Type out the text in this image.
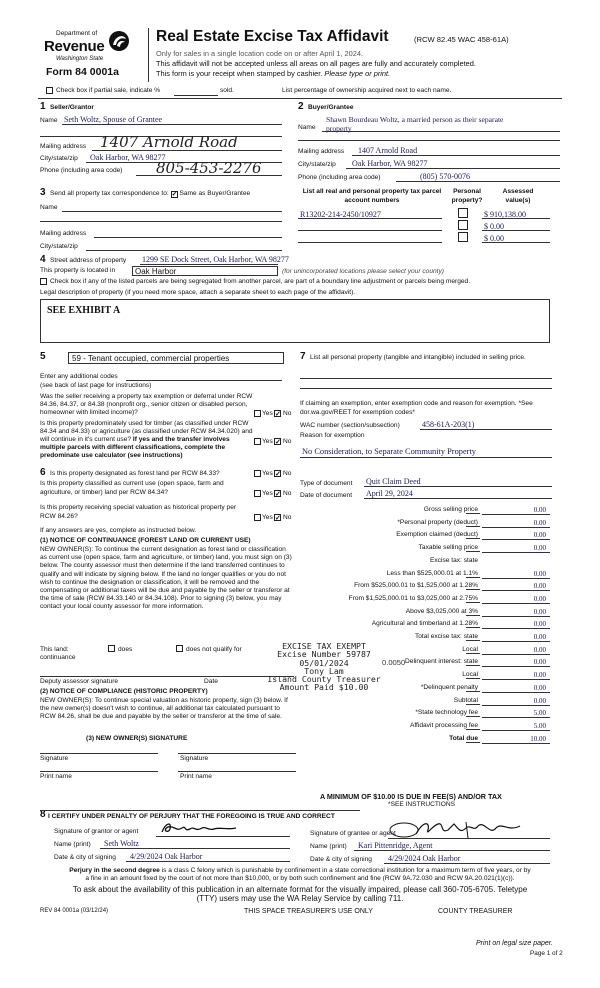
Department of
Revenue
Washington State
Form 84 0001a
Real Estate Excise Tax Affidavit	(RCW 82.45 WAC 458-61A)
Only for sales in a single location code on or after April 1, 2024.
This affidavit will not be accepted unless all areas on all pages are fully and accurately completed.
This form is your receipt when stamped by cashier. Please type or print.
Check box if partial sale, indicate %	sold.	List percentage of ownership acquired next to each name.
1 Seller/Grantor
Name Seth Woltz, Spouse of Grantee
Mailing address 1407 Arnold Road
City/state/zip Oak Harbor, WA 98277
Phone (including area code) 805-453-2276
2 Buyer/Grantee
Shawn Bourdeau Woltz, a married person as their separate
Name property
Mailing address 1407 Arnold Road
City/state/zip Oak Harbor, WA 98277
Phone (including area code)	(805) 570-0076
3 Send all property tax correspondence to: ✓ Same as Buyer/Grantee
Name
Mailing address
City/state/zip
List all real and personal property tax parcel account numbers
Personal property?
Assessed value(s)
R13202-214-2450/10927	$ 910,138.00
$ 0.00
$ 0.00
4 Street address of property 1299 SE Dock Street, Oak Harbor, WA 98277
This property is located in	Oak Harbor	(for unincorporated locations please select your county)
Check box if any of the listed parcels are being segregated from another parcel, are part of a boundary line adjustment or parcels being merged.
Legal description of property (if you need more space, attach a separate sheet to each page of the affidavit).
SEE EXHIBIT A
5	59 - Tenant occupied, commercial properties
Enter any additional codes
(see back of last page for instructions)
Was the seller receiving a property tax exemption or deferral under RCW 84.36, 84.37, or 84.38 (nonprofit org., senior citizen or disabled person, homeowner with limited income)?	Yes ✓ No
Is this property predominately used for timber (as classified under RCW 84.34 and 84.33) or agriculture (as classified under RCW 84.34.020) and will continue in it's current use? If yes and the transfer involves multiple parcels with different classifications, complete the predominate use calculator (see instructions)
Yes ✓ No
7 List all personal property (tangible and intangible) included in selling price.
If claiming an exemption, enter exemption code and reason for exemption. *See dor.wa.gov/REET for exemption codes*
WAC number (section/subsection)	458-61A-203(1)
Reason for exemption
No Consideration, to Separate Community Property
6 Is this property designated as forest land per RCW 84.33?	Yes ✓ No
Is this property classified as current use (open space, farm and agriculture, or timber) land per RCW 84.34?	Yes ✓ No
Is this property receiving special valuation as historical property per RCW 84.26?	Yes ✓ No
If any answers are yes, complete as instructed below.
(1) NOTICE OF CONTINUANCE (FOREST LAND OR CURRENT USE)
NEW OWNER(S): To continue the current designation as forest land or classification as current use (open space, farm and agriculture, or timber) land, you must sign on (3) below. The county assessor must then determine if the land transferred continues to qualify and will indicate by signing below. If the land no longer qualifies or you do not wish to continue the designation or classification, it will be removed and the compensating or additional taxes will be due and payable by the seller or transferor at the time of sale (RCW 84.33.140 or 84.34.108). Prior to signing (3) below, you may contact your local county assessor for more information.
This land:	does	does not qualify for
continuance
Deputy assessor signature	Date
(2) NOTICE OF COMPLIANCE (HISTORIC PROPERTY)
NEW OWNER(S): To continue special valuation as historic property, sign (3) below. If the new owner(s) doesn't wish to continue, all additional tax calculated pursuant to RCW 84.26, shall be due and payable by the seller or transferor at the time of sale.
(3) NEW OWNER(S) SIGNATURE
Signature	Signature
Print name	Print name
Type of document Quit Claim Deed
Date of document April 29, 2024
Gross selling price	0.00
*Personal property (deduct)	0.00
Exemption claimed (deduct)	0.00
Taxable selling price	0.00
Excise tax: state
Less than $525,000.01 at 1.1%	0.00
From $525,000.01 to $1,525,000 at 1.28%	0.00
From $1,525,000.01 to $3,025,000 at 2.75%	0.00
Above $3,025,000 at 3%	0.00
Agricultural and timberland at 1.28%	0.00
Total excise tax: state	0.00
Local	0.00
Delinquent interest: state	0.00
Local	0.00
*Delinquent penalty	0.00
Subtotal	0.00
*State technology fee	5.00
Affidavit processing fee	5.00
Total due	10.00
0.0050
EXCISE TAX EXEMPT
Excise Number 59787
05/01/2024
Tony Lam
Island County Treasurer
Amount Paid $10.00
A MINIMUM OF $10.00 IS DUE IN FEE(S) AND/OR TAX
*SEE INSTRUCTIONS
8 I CERTIFY UNDER PENALTY OF PERJURY THAT THE FOREGOING IS TRUE AND CORRECT
Signature of grantor or agent
Name (print) Seth Woltz
Date & city of signing 4/29/2024 Oak Harbor
Signature of grantee or agent
Name (print) Kari Pittenridge, Agent
Date & city of signing 4/29/2024 Oak Harbor
Perjury in the second degree is a class C felony which is punishable by confinement in a state correctional institution for a maximum term of five years, or by
a fine in an amount fixed by the court of not more than $10,000, or by both such confinement and fine (RCW 9A.72.030 and RCW 9A.20.021(1)(c)).
To ask about the availability of this publication in an alternate format for the visually impaired, please call 360-705-6705. Teletype
(TTY) users may use the WA Relay Service by calling 711.
REV 84 0001a (03/12/24)	THIS SPACE TREASURER'S USE ONLY	COUNTY TREASURER
Print on legal size paper.
Page 1 of 2
